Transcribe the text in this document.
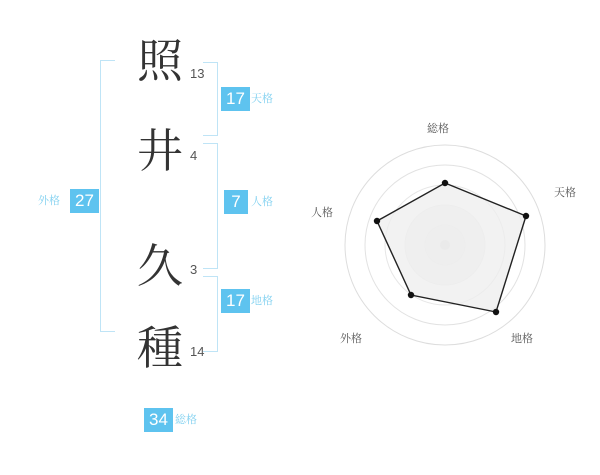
照 13
井 4
久 3
種 14
17 天格
7 人格
17 地格
外格 27
34 総格
総格
天格
地格
外格
人格
